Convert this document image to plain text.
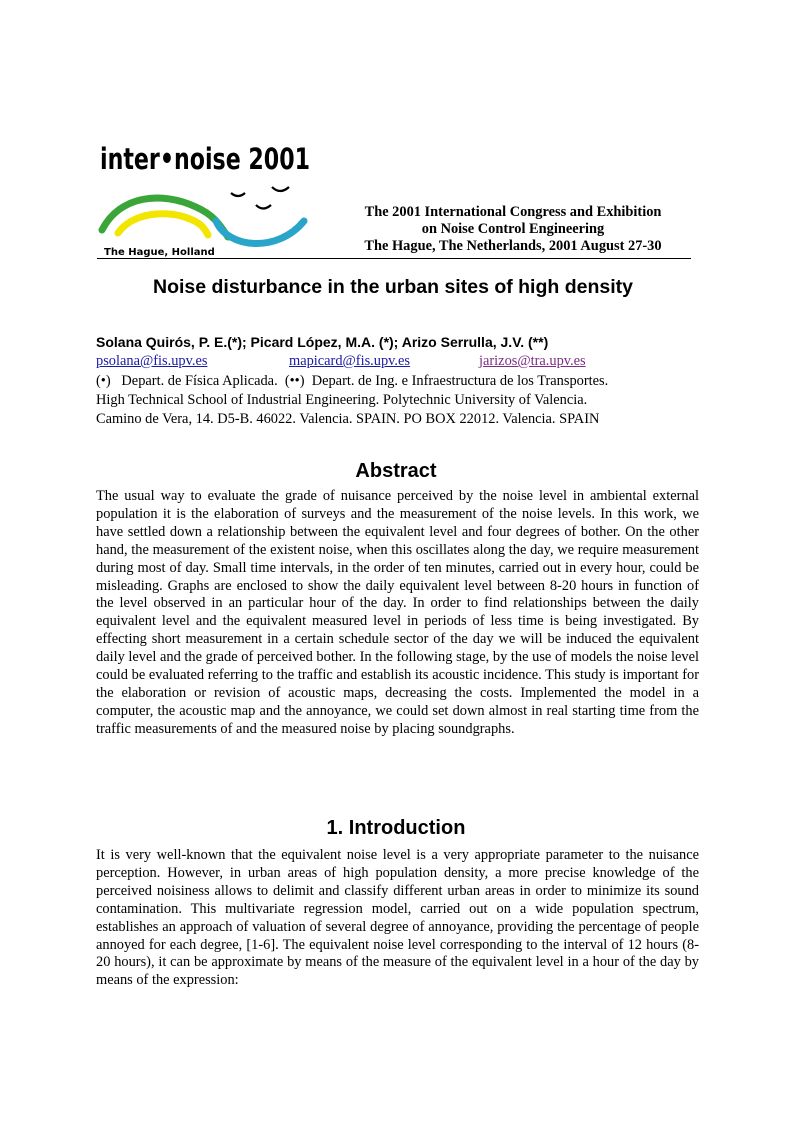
inter•noise 2001
The Hague, Holland
The 2001 International Congress and Exhibition
on Noise Control Engineering
The Hague, The Netherlands, 2001 August 27-30
Noise disturbance in the urban sites of high density
Solana Quirós, P. E.(*); Picard López, M.A. (*); Arizo Serrulla, J.V. (**)
psolana@fis.upv.es	mapicard@fis.upv.es	jarizos@tra.upv.es
(•)   Depart. de Física Aplicada.  (••)  Depart. de Ing. e Infraestructura de los Transportes.
High Technical School of Industrial Engineering. Polytechnic University of Valencia.
Camino de Vera, 14. D5-B. 46022. Valencia. SPAIN. PO BOX 22012. Valencia. SPAIN
Abstract
The usual way to evaluate the grade of nuisance perceived by the noise level in ambiental external population it is the elaboration of surveys and the measurement of the noise levels. In this work, we have settled down a relationship between the equivalent level and four degrees of bother. On the other hand, the measurement of the existent noise, when this oscillates along the day, we require measurement during most of day. Small time intervals, in the order of ten minutes, carried out in every hour, could be misleading. Graphs are enclosed to show the daily equivalent level between 8-20 hours in function of the level observed in an particular hour of the day. In order to find relationships between the daily equivalent level and the equivalent measured level in periods of less time is being investigated. By effecting short measurement in a certain schedule sector of the day we will be induced the equivalent daily level and the grade of perceived bother. In the following stage, by the use of models the noise level could be evaluated referring to the traffic and establish its acoustic incidence. This study is important for the elaboration or revision of acoustic maps, decreasing the costs. Implemented the model in a computer, the acoustic map and the annoyance, we could set down almost in real starting time from the traffic measurements of and the measured noise by placing soundgraphs.
1. Introduction
It is very well-known that the equivalent noise level is a very appropriate parameter to the nuisance perception. However, in urban areas of high population density, a more precise knowledge of the perceived noisiness allows to delimit and classify different urban areas in order to minimize its sound contamination. This multivariate regression model, carried out on a wide population spectrum, establishes an approach of valuation of several degree of annoyance, providing the percentage of people annoyed for each degree, [1-6]. The equivalent noise level corresponding to the interval of 12 hours (8-20 hours), it can be approximate by means of the measure of the equivalent level in a hour of the day by means of the expression:
